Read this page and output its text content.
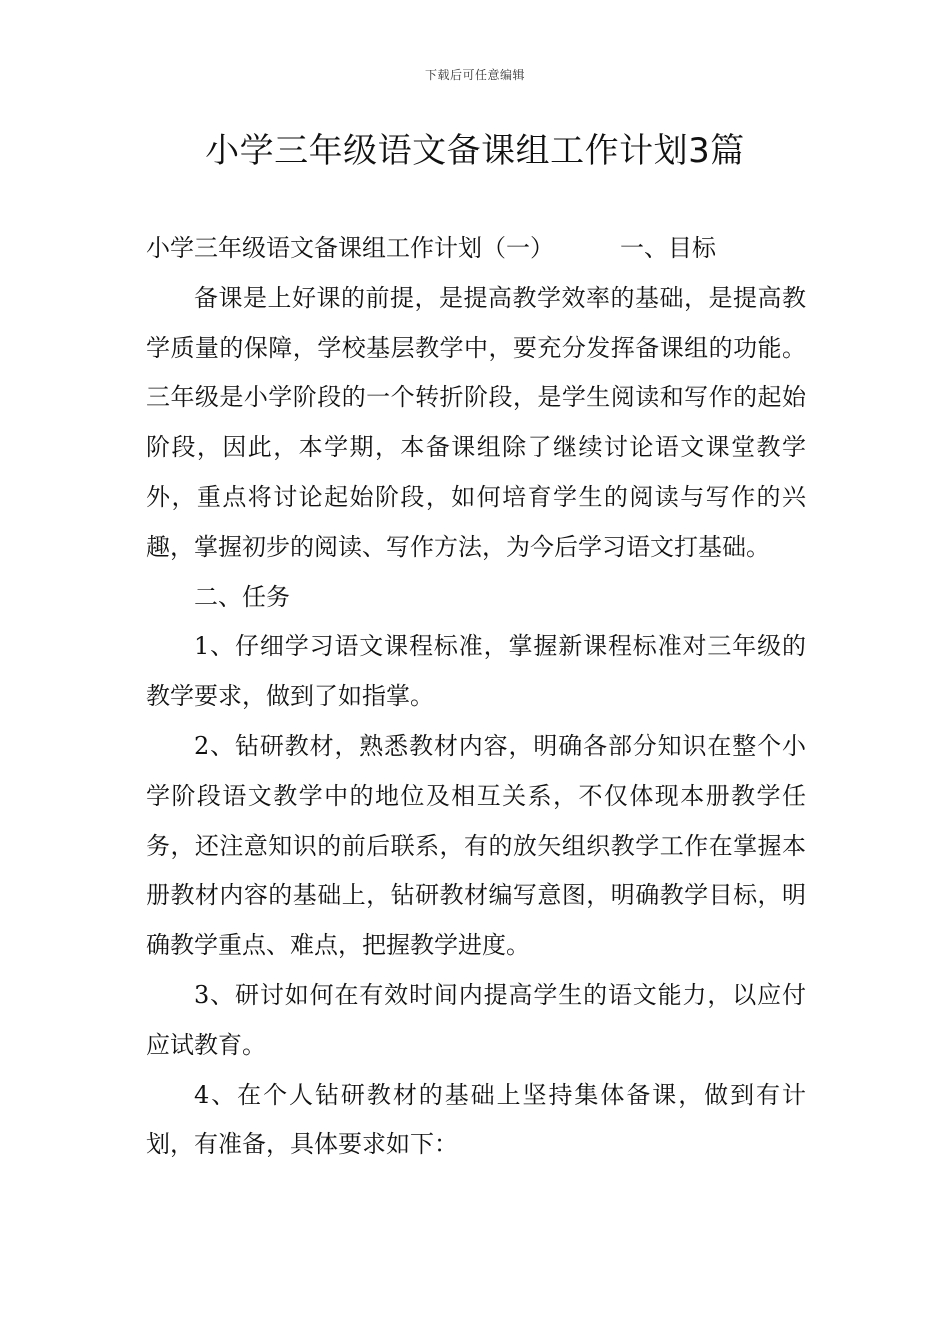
下载后可任意编辑
小学三年级语文备课组工作计划3篇

小学三年级语文备课组工作计划（一）	一、目标

备课是上好课的前提，是提高教学效率的基础，是提高教学质量的保障，学校基层教学中，要充分发挥备课组的功能。三年级是小学阶段的一个转折阶段，是学生阅读和写作的起始阶段，因此，本学期，本备课组除了继续讨论语文课堂教学外，重点将讨论起始阶段，如何培育学生的阅读与写作的兴趣，掌握初步的阅读、写作方法，为今后学习语文打基础。

二、任务

1、仔细学习语文课程标准，掌握新课程标准对三年级的教学要求，做到了如指掌。

2、钻研教材，熟悉教材内容，明确各部分知识在整个小学阶段语文教学中的地位及相互关系，不仅体现本册教学任务，还注意知识的前后联系，有的放矢组织教学工作在掌握本册教材内容的基础上，钻研教材编写意图，明确教学目标，明确教学重点、难点，把握教学进度。

3、研讨如何在有效时间内提高学生的语文能力，以应付应试教育。

4、在个人钻研教材的基础上坚持集体备课，做到有计划，有准备，具体要求如下：
